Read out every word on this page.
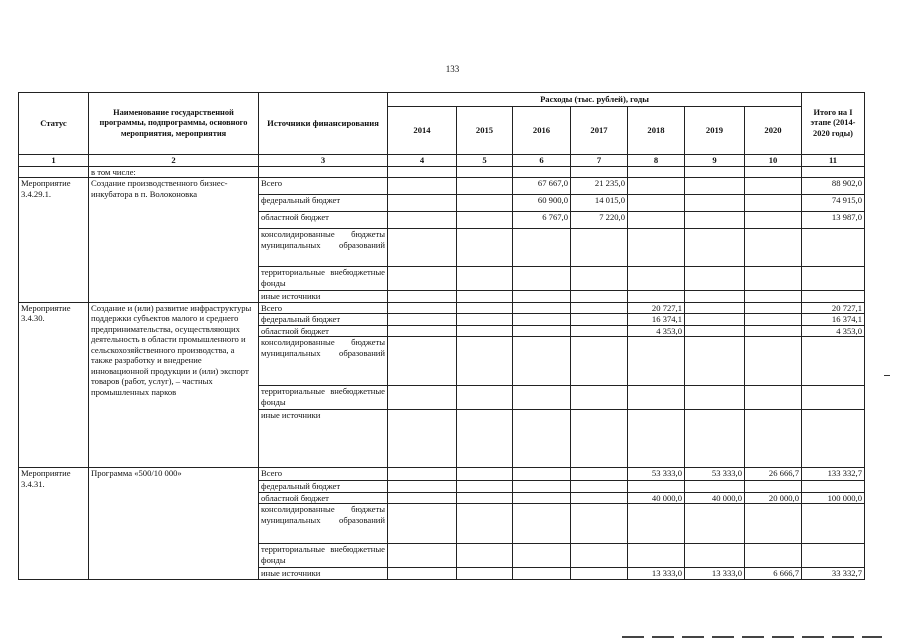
133
Статус	Наименование государственной программы, подпрограммы, основного мероприятия, мероприятия	Источники финансирования	Расходы (тыс. рублей), годы							Итого на I этапе (2014-2020 годы)
			2014	2015	2016	2017	2018	2019	2020	
1	2	3	4	5	6	7	8	9	10	11
	в том числе:									
Мероприятие 3.4.29.1.	Создание производственного бизнес-инкубатора в п. Волоконовка	Всего			67 667,0	21 235,0				88 902,0
		федеральный бюджет			60 900,0	14 015,0				74 915,0
		областной бюджет			6 767,0	7 220,0				13 987,0
		консолидированные бюджеты муниципальных образований								
		территориальные внебюджетные фонды								
		иные источники								
Мероприятие 3.4.30.	Создание и (или) развитие инфраструктуры поддержки субъектов малого и среднего предпринимательства, осуществляющих деятельность в области промышленного и сельскохозяйственного производства, а также разработку и внедрение инновационной продукции и (или) экспорт товаров (работ, услуг), – частных промышленных парков	Всего					20 727,1			20 727,1
		федеральный бюджет					16 374,1			16 374,1
		областной бюджет					4 353,0			4 353,0
		консолидированные бюджеты муниципальных образований								
		территориальные внебюджетные фонды								
		иные источники								
Мероприятие 3.4.31.	Программа «500/10 000»	Всего					53 333,0	53 333,0	26 666,7	133 332,7
		федеральный бюджет								
		областной бюджет					40 000,0	40 000,0	20 000,0	100 000,0
		консолидированные бюджеты муниципальных образований								
		территориальные внебюджетные фонды								
		иные источники					13 333,0	13 333,0	6 666,7	33 332,7
